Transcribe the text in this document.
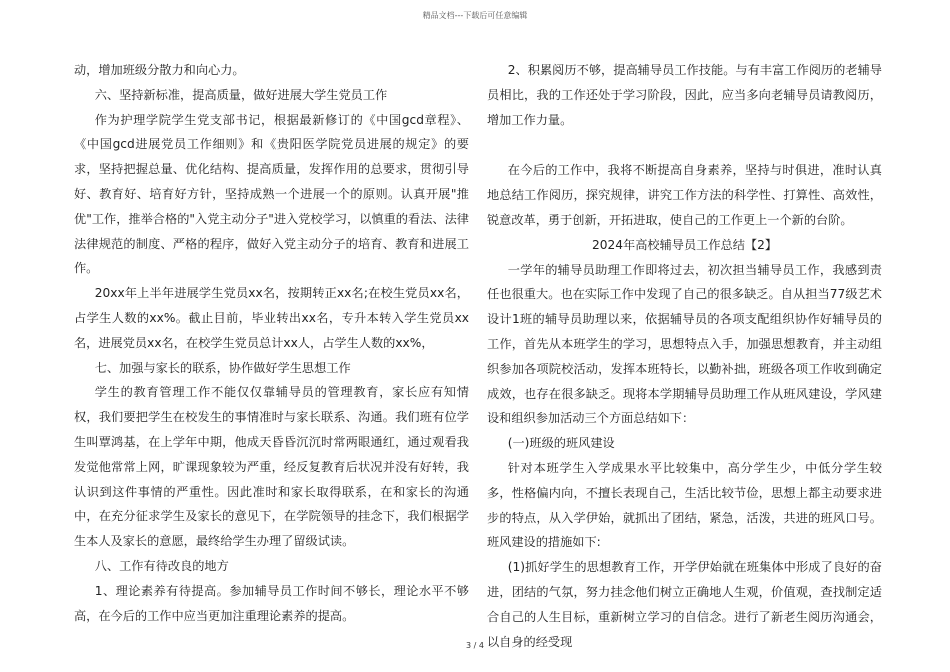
精品文档---下载后可任意编辑

动，增加班级分散力和向心力。

六、坚持新标准，提高质量，做好进展大学生党员工作

作为护理学院学生党支部书记，根据最新修订的《中国gcd章程》、《中国gcd进展党员工作细则》和《贵阳医学院党员进展的规定》的要求，坚持把握总量、优化结构、提高质量，发挥作用的总要求，贯彻引导好、教育好、培育好方针，坚持成熟一个进展一个的原则。认真开展"推优"工作，推举合格的"入党主动分子"进入党校学习，以慎重的看法、法律法律规范的制度、严格的程序，做好入党主动分子的培育、教育和进展工作。

20xx年上半年进展学生党员xx名，按期转正xx名;在校生党员xx名，占学生人数的xx%。截止目前，毕业转出xx名，专升本转入学生党员xx名，进展党员xx名，在校学生党员总计xx人，占学生人数的xx%，

七、加强与家长的联系，协作做好学生思想工作

学生的教育管理工作不能仅仅靠辅导员的管理教育，家长应有知情权，我们要把学生在校发生的事情准时与家长联系、沟通。我们班有位学生叫覃鸿基，在上学年中期，他成天昏昏沉沉时常两眼通红，通过观看我发觉他常常上网，旷课现象较为严重，经反复教育后状况并没有好转，我认识到这件事情的严重性。因此准时和家长取得联系，在和家长的沟通中，在充分征求学生及家长的意见下，在学院领导的挂念下，我们根据学生本人及家长的意愿，最终给学生办理了留级试读。

八、工作有待改良的地方

1、理论素养有待提高。参加辅导员工作时间不够长，理论水平不够高，在今后的工作中应当更加注重理论素养的提高。

2、积累阅历不够，提高辅导员工作技能。与有丰富工作阅历的老辅导员相比，我的工作还处于学习阶段，因此，应当多向老辅导员请教阅历，增加工作力量。

在今后的工作中，我将不断提高自身素养，坚持与时俱进，准时认真地总结工作阅历，探究规律，讲究工作方法的科学性、打算性、高效性，锐意改革，勇于创新，开拓进取，使自己的工作更上一个新的台阶。

2024年高校辅导员工作总结【2】

一学年的辅导员助理工作即将过去，初次担当辅导员工作，我感到责任也很重大。也在实际工作中发现了自己的很多缺乏。自从担当77级艺术设计1班的辅导员助理以来，依据辅导员的各项支配组织协作好辅导员的工作，首先从本班学生的学习，思想特点入手，加强思想教育，并主动组织参加各项院校活动，发挥本班特长，以勤补拙，班级各项工作收到确定成效，也存在很多缺乏。现将本学期辅导员助理工作从班风建设，学风建设和组织参加活动三个方面总结如下：

(一)班级的班风建设

针对本班学生入学成果水平比较集中，高分学生少，中低分学生较多，性格偏内向，不擅长表现自己，生活比较节俭，思想上都主动要求进步的特点，从入学伊始，就抓出了团结，紧急，活泼，共进的班风口号。班风建设的措施如下:

(1)抓好学生的思想教育工作，开学伊始就在班集体中形成了良好的奋进，团结的气氛，努力挂念他们树立正确地人生观，价值观，查找制定适合自己的人生目标，重新树立学习的自信念。进行了新老生阅历沟通会，以自身的经受现

3 / 4
